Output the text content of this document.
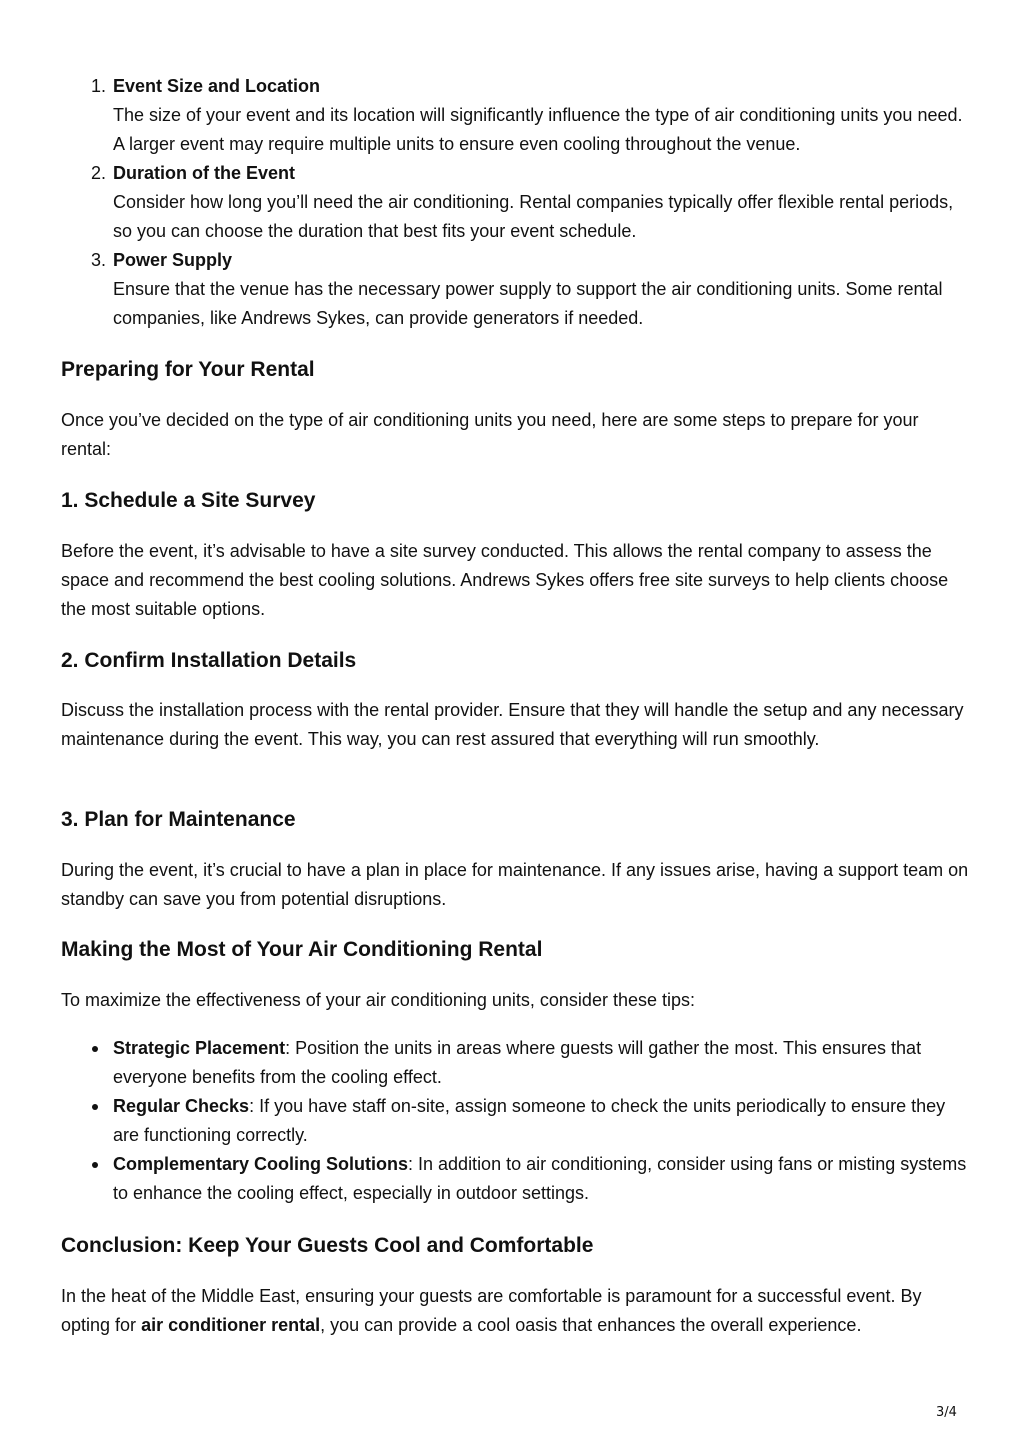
1. Event Size and Location
The size of your event and its location will significantly influence the type of air conditioning units you need. A larger event may require multiple units to ensure even cooling throughout the venue.
2. Duration of the Event
Consider how long you’ll need the air conditioning. Rental companies typically offer flexible rental periods, so you can choose the duration that best fits your event schedule.
3. Power Supply
Ensure that the venue has the necessary power supply to support the air conditioning units. Some rental companies, like Andrews Sykes, can provide generators if needed.
Preparing for Your Rental

Once you’ve decided on the type of air conditioning units you need, here are some steps to prepare for your rental:

1. Schedule a Site Survey

Before the event, it’s advisable to have a site survey conducted. This allows the rental company to assess the space and recommend the best cooling solutions. Andrews Sykes offers free site surveys to help clients choose the most suitable options.

2. Confirm Installation Details

Discuss the installation process with the rental provider. Ensure that they will handle the setup and any necessary maintenance during the event. This way, you can rest assured that everything will run smoothly.

3. Plan for Maintenance

During the event, it’s crucial to have a plan in place for maintenance. If any issues arise, having a support team on standby can save you from potential disruptions.

Making the Most of Your Air Conditioning Rental

To maximize the effectiveness of your air conditioning units, consider these tips:

Strategic Placement: Position the units in areas where guests will gather the most. This ensures that everyone benefits from the cooling effect.
Regular Checks: If you have staff on-site, assign someone to check the units periodically to ensure they are functioning correctly.
Complementary Cooling Solutions: In addition to air conditioning, consider using fans or misting systems to enhance the cooling effect, especially in outdoor settings.
Conclusion: Keep Your Guests Cool and Comfortable

In the heat of the Middle East, ensuring your guests are comfortable is paramount for a successful event. By opting for air conditioner rental, you can provide a cool oasis that enhances the overall experience.

3/4
